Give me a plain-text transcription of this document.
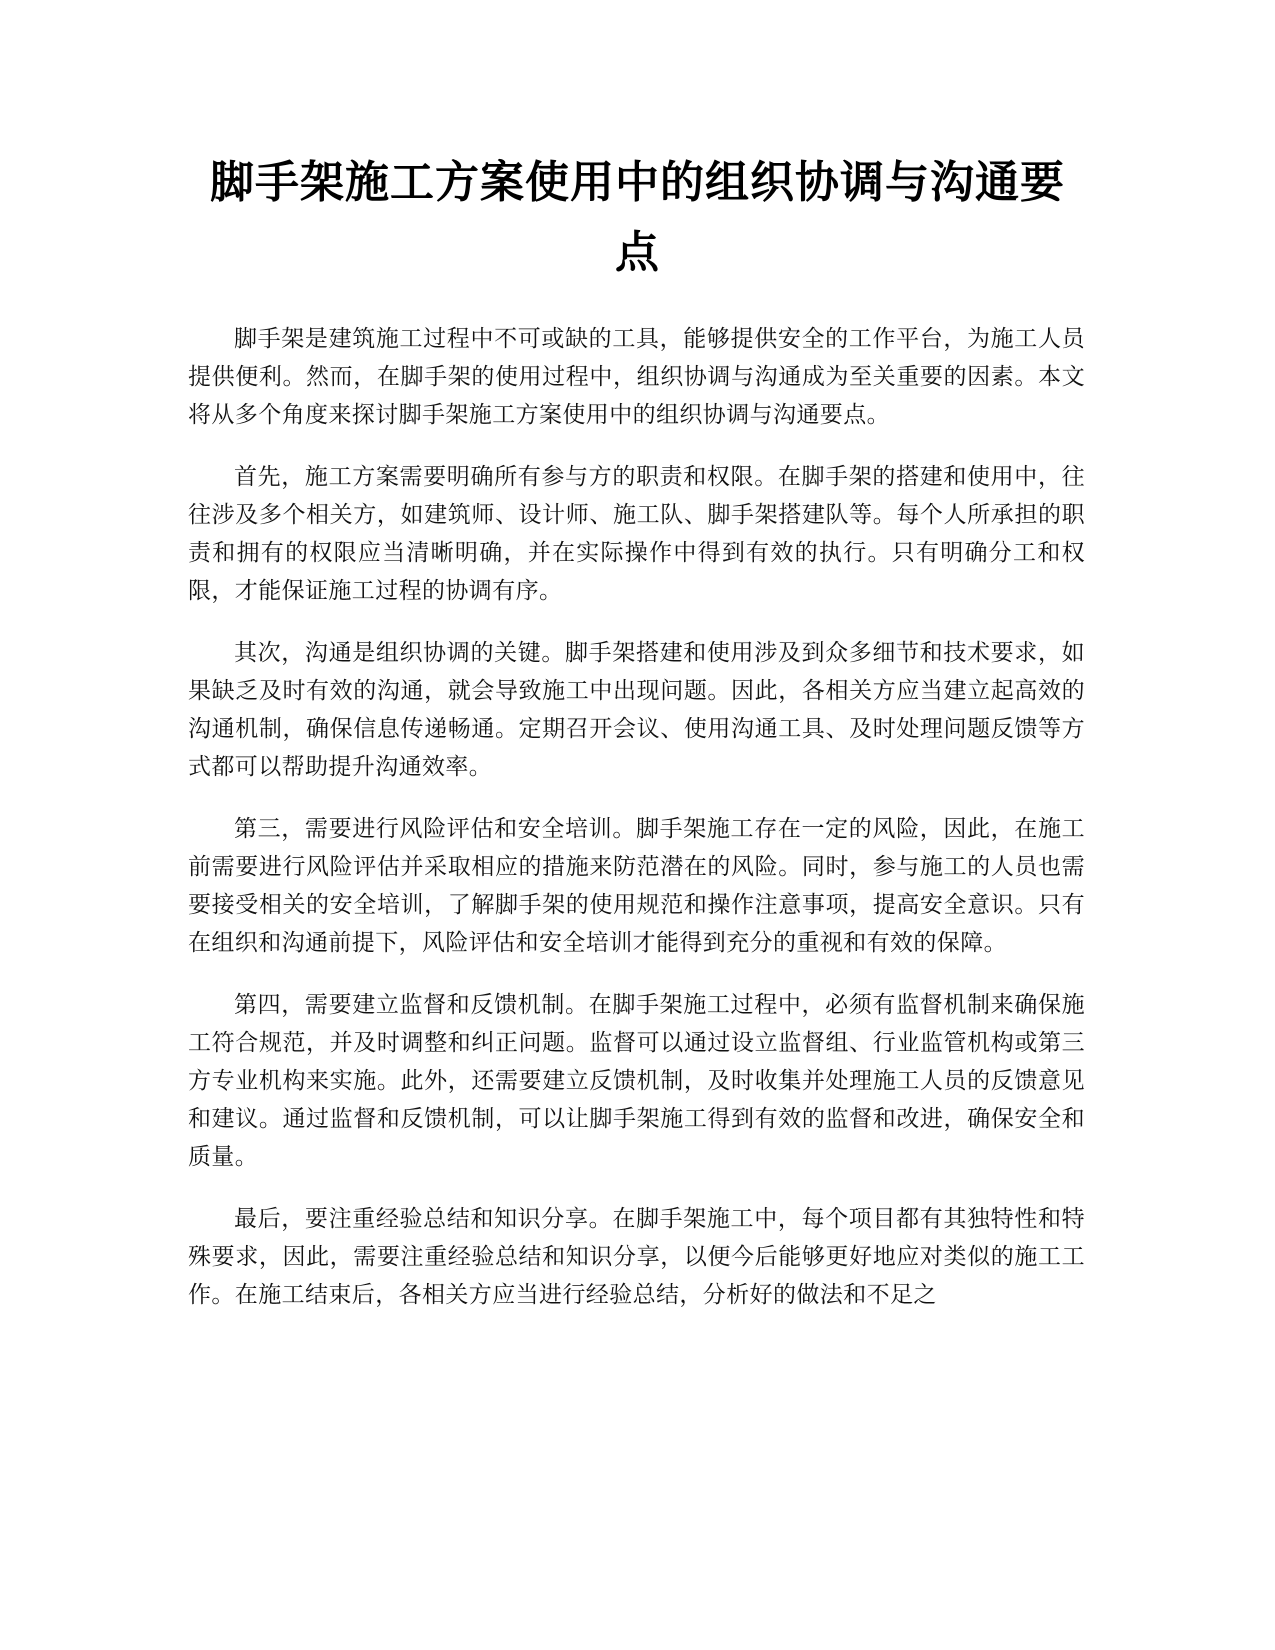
脚手架施工方案使用中的组织协调与沟通要点

脚手架是建筑施工过程中不可或缺的工具，能够提供安全的工作平台，为施工人员提供便利。然而，在脚手架的使用过程中，组织协调与沟通成为至关重要的因素。本文将从多个角度来探讨脚手架施工方案使用中的组织协调与沟通要点。

首先，施工方案需要明确所有参与方的职责和权限。在脚手架的搭建和使用中，往往涉及多个相关方，如建筑师、设计师、施工队、脚手架搭建队等。每个人所承担的职责和拥有的权限应当清晰明确，并在实际操作中得到有效的执行。只有明确分工和权限，才能保证施工过程的协调有序。

其次，沟通是组织协调的关键。脚手架搭建和使用涉及到众多细节和技术要求，如果缺乏及时有效的沟通，就会导致施工中出现问题。因此，各相关方应当建立起高效的沟通机制，确保信息传递畅通。定期召开会议、使用沟通工具、及时处理问题反馈等方式都可以帮助提升沟通效率。

第三，需要进行风险评估和安全培训。脚手架施工存在一定的风险，因此，在施工前需要进行风险评估并采取相应的措施来防范潜在的风险。同时，参与施工的人员也需要接受相关的安全培训，了解脚手架的使用规范和操作注意事项，提高安全意识。只有在组织和沟通前提下，风险评估和安全培训才能得到充分的重视和有效的保障。

第四，需要建立监督和反馈机制。在脚手架施工过程中，必须有监督机制来确保施工符合规范，并及时调整和纠正问题。监督可以通过设立监督组、行业监管机构或第三方专业机构来实施。此外，还需要建立反馈机制，及时收集并处理施工人员的反馈意见和建议。通过监督和反馈机制，可以让脚手架施工得到有效的监督和改进，确保安全和质量。

最后，要注重经验总结和知识分享。在脚手架施工中，每个项目都有其独特性和特殊要求，因此，需要注重经验总结和知识分享，以便今后能够更好地应对类似的施工工作。在施工结束后，各相关方应当进行经验总结，分析好的做法和不足之
